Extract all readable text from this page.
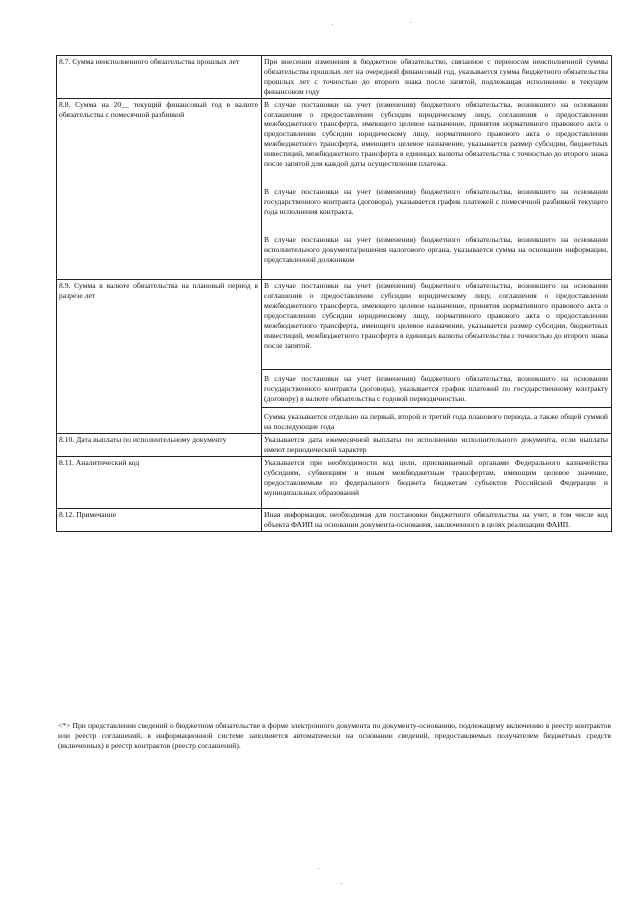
8.7. Сумма неисполненного обязательства прошлых лет	При внесении изменения в бюджетное обязательство, связанное с переносом неисполненной суммы обязательства прошлых лет на очередной финансовый год, указывается сумма бюджетного обязательства прошлых лет с точностью до второго знака после запятой, подлежащая исполнению в текущем финансовом году

8.8. Сумма на 20__ текущий финансовый год в валюте обязательства с помесячной разбивкой	В случае постановки на учет (изменения) бюджетного обязательства, возникшего на основании соглашения о предоставлении субсидии юридическому лицу, соглашения о предоставлении межбюджетного трансферта, имеющего целевое назначение, принятия нормативного правового акта о предоставлении субсидии юридическому лицу, нормативного правового акта о предоставлении межбюджетного трансферта, имеющего целевое назначение, указывается размер субсидии, бюджетных инвестиций, межбюджетного трансферта в единицах валюты обязательства с точностью до второго знака после запятой для каждой даты осуществления платежа.

В случае постановки на учет (изменения) бюджетного обязательства, возникшего на основании государственного контракта (договора), указывается график платежей с помесячной разбивкой текущего года исполнения контракта.

В случае постановки на учет (изменения) бюджетного обязательства, возникшего на основании исполнительного документа/решения налогового органа, указывается сумма на основании информации, представленной должником

8.9. Сумма в валюте обязательства на плановый период в разрезе лет	В случае постановки на учет (изменения) бюджетного обязательства, возникшего на основании соглашения о предоставлении субсидии юридическому лицу, соглашения о предоставлении межбюджетного трансферта, имеющего целевое назначение, принятия нормативного правового акта о предоставлении субсидии юридическому лицу, нормативного правового акта о предоставлении межбюджетного трансферта, имеющего целевое назначение, указывается размер субсидии, бюджетных инвестиций, межбюджетного трансферта в единицах валюты обязательства с точностью до второго знака после запятой.

В случае постановки на учет (изменения) бюджетного обязательства, возникшего на основании государственного контракта (договора), указывается график платежей по государственному контракту (договору) в валюте обязательства с годовой периодичностью.

Сумма указывается отдельно на первый, второй и третий года планового периода, а также общей суммой на последующие года

8.10. Дата выплаты по исполнительному документу	Указывается дата ежемесячной выплаты по исполнению исполнительного документа, если выплаты имеют периодический характер

8.11. Аналитический код	Указывается при необходимости код цели, присваиваемый органами Федерального казначейства субсидиям, субвенциям и иным межбюджетным трансфертам, имеющим целевое значение, предоставляемым из федерального бюджета бюджетам субъектов Российской Федерации и муниципальных образований

8.12. Примечание	Иная информация, необходимая для постановки бюджетного обязательства на учет, в том числе код объекта ФАИП на основании документа-основания, заключенного в целях реализации ФАИП.

<*> При представлении сведений о бюджетном обязательстве в форме электронного документа по документу-основанию, подлежащему включению в реестр контрактов или реестр соглашений, в информационной системе заполняется автоматически на основании сведений, предоставляемых получателем бюджетных средств (включенных) в реестр контрактов (реестр соглашений).
